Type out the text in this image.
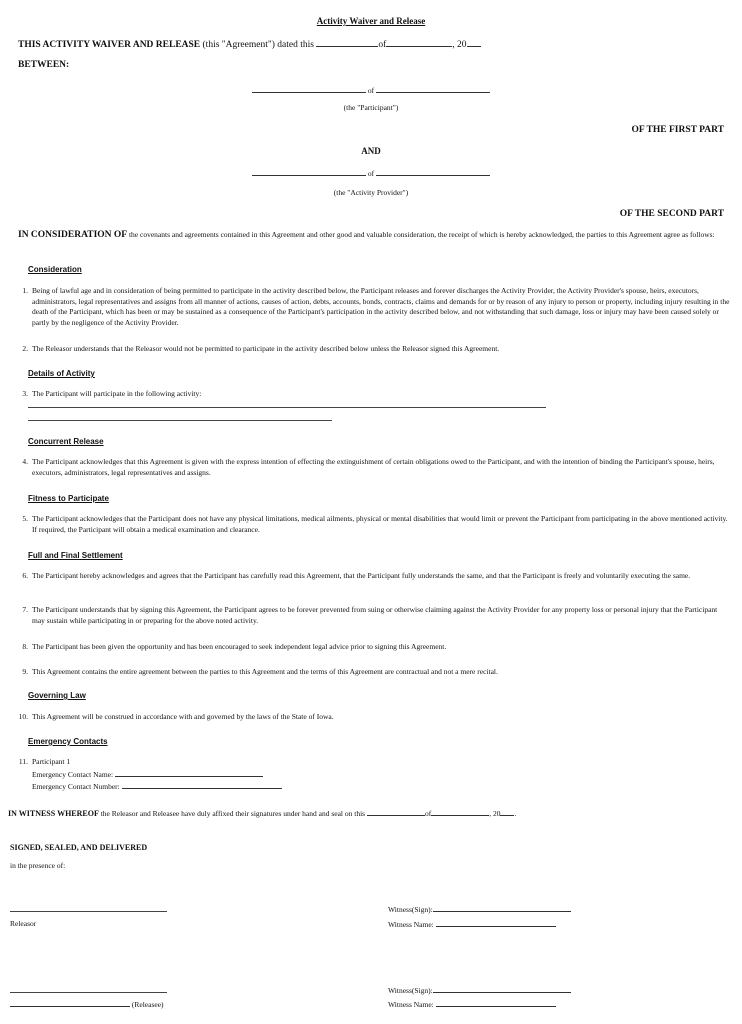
Activity Waiver and Release
THIS ACTIVITY WAIVER AND RELEASE (this "Agreement") dated this	of	, 20
BETWEEN:
of
(the "Participant")
OF THE FIRST PART
AND
of
(the "Activity Provider")
OF THE SECOND PART
IN CONSIDERATION OF the covenants and agreements contained in this Agreement and other good and valuable consideration, the receipt of which is hereby acknowledged, the parties to this Agreement agree as follows:
Consideration
1. Being of lawful age and in consideration of being permitted to participate in the activity described below, the Participant releases and forever discharges the Activity Provider, the Activity Provider's spouse, heirs, executors, administrators, legal representatives and assigns from all manner of actions, causes of action, debts, accounts, bonds, contracts, claims and demands for or by reason of any injury to person or property, including injury resulting in the death of the Participant, which has been or may be sustained as a consequence of the Participant's participation in the activity described below, and not withstanding that such damage, loss or injury may have been caused solely or partly by the negligence of the Activity Provider.
2. The Releasor understands that the Releasor would not be permitted to participate in the activity described below unless the Releasor signed this Agreement.
Details of Activity
3. The Participant will participate in the following activity:
Concurrent Release
4. The Participant acknowledges that this Agreement is given with the express intention of effecting the extinguishment of certain obligations owed to the Participant, and with the intention of binding the Participant's spouse, heirs, executors, administrators, legal representatives and assigns.
Fitness to Participate
5. The Participant acknowledges that the Participant does not have any physical limitations, medical ailments, physical or mental disabilities that would limit or prevent the Participant from participating in the above mentioned activity. If required, the Participant will obtain a medical examination and clearance.
Full and Final Settlement
6. The Participant hereby acknowledges and agrees that the Participant has carefully read this Agreement, that the Participant fully understands the same, and that the Participant is freely and voluntarily executing the same.
7. The Participant understands that by signing this Agreement, the Participant agrees to be forever prevented from suing or otherwise claiming against the Activity Provider for any property loss or personal injury that the Participant may sustain while participating in or preparing for the above noted activity.
8. The Participant has been given the opportunity and has been encouraged to seek independent legal advice prior to signing this Agreement.
9. This Agreement contains the entire agreement between the parties to this Agreement and the terms of this Agreement are contractual and not a mere recital.
Governing Law
10. This Agreement will be construed in accordance with and governed by the laws of the State of Iowa.
Emergency Contacts
11. Participant 1
Emergency Contact Name:
Emergency Contact Number:
IN WITNESS WHEREOF the Releasor and Releasee have duly affixed their signatures under hand and seal on this	of	, 20 .
SIGNED, SEALED, AND DELIVERED
in the presence of:
Releasor
Witness(Sign):
Witness Name:
(Releasee)
Witness(Sign):
Witness Name:
